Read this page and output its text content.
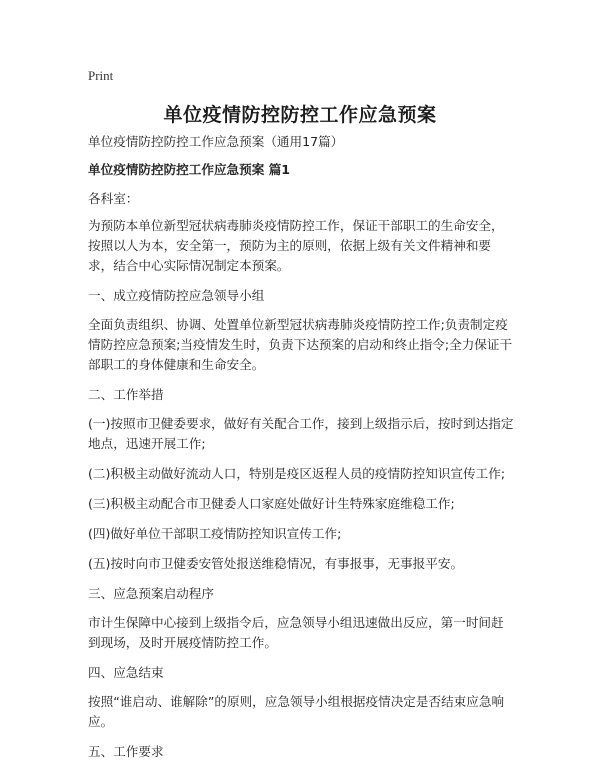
Print
单位疫情防控防控工作应急预案

单位疫情防控防控工作应急预案（通用17篇）

单位疫情防控防控工作应急预案 篇1

各科室：

为预防本单位新型冠状病毒肺炎疫情防控工作，保证干部职工的生命安全，按照以人为本，安全第一，预防为主的原则，依据上级有关文件精神和要求，结合中心实际情况制定本预案。

一、成立疫情防控应急领导小组

全面负责组织、协调、处置单位新型冠状病毒肺炎疫情防控工作;负责制定疫情防控应急预案;当疫情发生时，负责下达预案的启动和终止指令;全力保证干部职工的身体健康和生命安全。

二、工作举措

(一)按照市卫健委要求，做好有关配合工作，接到上级指示后，按时到达指定地点，迅速开展工作;

(二)积极主动做好流动人口，特别是疫区返程人员的疫情防控知识宣传工作;

(三)积极主动配合市卫健委人口家庭处做好计生特殊家庭维稳工作;

(四)做好单位干部职工疫情防控知识宣传工作;

(五)按时向市卫健委安管处报送维稳情况，有事报事，无事报平安。

三、应急预案启动程序

市计生保障中心接到上级指令后，应急领导小组迅速做出反应，第一时间赶到现场，及时开展疫情防控工作。

四、应急结束

按照“谁启动、谁解除”的原则，应急领导小组根据疫情决定是否结束应急响应。

五、工作要求
